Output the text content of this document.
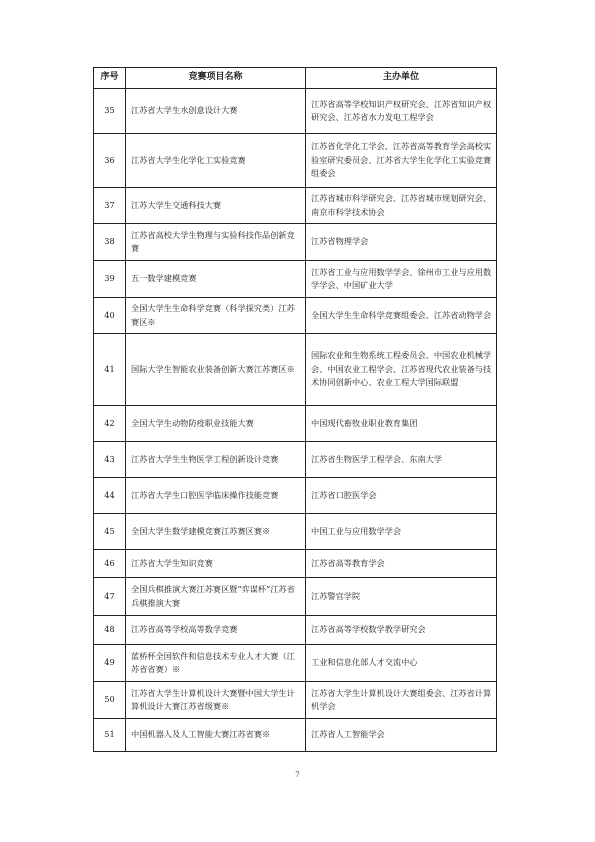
序号	竞赛项目名称	主办单位
35	江苏省大学生水创意设计大赛	江苏省高等学校知识产权研究会、江苏省知识产权研究会、江苏省水力发电工程学会
36	江苏省大学生化学化工实验竞赛	江苏省化学化工学会、江苏省高等教育学会高校实验室研究委员会、江苏省大学生化学化工实验竞赛组委会
37	江苏大学生交通科技大赛	江苏省城市科学研究会、江苏省城市规划研究会、南京市科学技术协会
38	江苏省高校大学生物理与实验科技作品创新竞赛	江苏省物理学会
39	五一数学建模竞赛	江苏省工业与应用数学学会、徐州市工业与应用数学学会、中国矿业大学
40	全国大学生生命科学竞赛（科学探究类）江苏赛区※	全国大学生生命科学竞赛组委会、江苏省动物学会
41	国际大学生智能农业装备创新大赛江苏赛区※	国际农业和生物系统工程委员会、中国农业机械学会、中国农业工程学会、江苏省现代农业装备与技术协同创新中心、农业工程大学国际联盟
42	全国大学生动物防疫职业技能大赛	中国现代畜牧业职业教育集团
43	江苏省大学生生物医学工程创新设计竞赛	江苏省生物医学工程学会、东南大学
44	江苏省大学生口腔医学临床操作技能竞赛	江苏省口腔医学会
45	全国大学生数学建模竞赛江苏赛区赛※	中国工业与应用数学学会
46	江苏省大学生知识竞赛	江苏省高等教育学会
47	全国兵棋推演大赛江苏赛区暨“弈谋杯”江苏省兵棋推演大赛	江苏警官学院
48	江苏省高等学校高等数学竞赛	江苏省高等学校数学教学研究会
49	蓝桥杯全国软件和信息技术专业人才大赛（江苏省省赛）※	工业和信息化部人才交流中心
50	江苏省大学生计算机设计大赛暨中国大学生计算机设计大赛江苏省级赛※	江苏省大学生计算机设计大赛组委会、江苏省计算机学会
51	中国机器人及人工智能大赛江苏省赛※	江苏省人工智能学会
7
